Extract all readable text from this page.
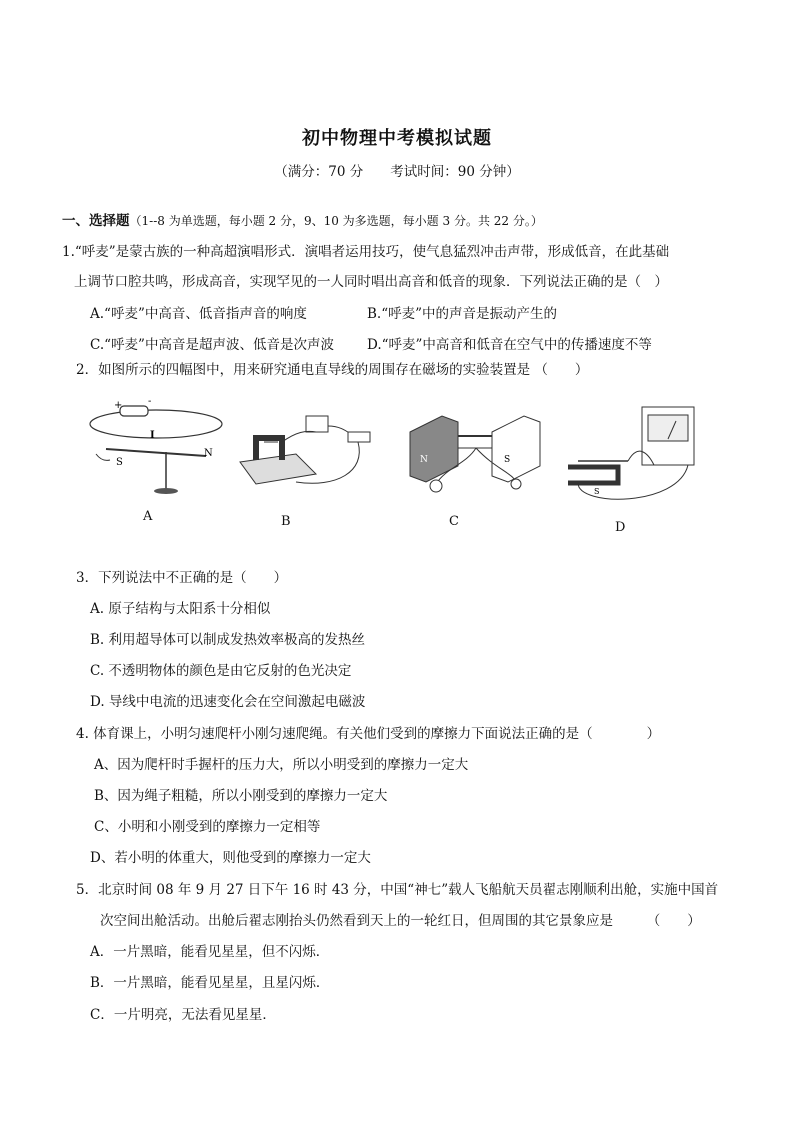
初中物理中考模拟试题
（满分：70 分　　考试时间：90 分钟）
一、选择题（1--8 为单选题，每小题 2 分，9、10 为多选题，每小题 3 分。共 22 分。）
1.“呼麦”是蒙古族的一种高超演唱形式．演唱者运用技巧，使气息猛烈冲击声带，形成低音，在此基础
上调节口腔共鸣，形成高音，实现罕见的一人同时唱出高音和低音的现象．下列说法正确的是（　）
A.“呼麦”中高音、低音指声音的响度	B.“呼麦”中的声音是振动产生的
C.“呼麦”中高音是超声波、低音是次声波 D.“呼麦”中高音和低音在空气中的传播速度不等
2．如图所示的四幅图中，用来研究通电直导线的周围存在磁场的实验装置是 （　　）
+	-
I
S
N
A	B
N	S
C
S
D
3．下列说法中不正确的是（　　）
A. 原子结构与太阳系十分相似
B. 利用超导体可以制成发热效率极高的发热丝
C. 不透明物体的颜色是由它反射的色光决定
D. 导线中电流的迅速变化会在空间激起电磁波
4. 体育课上，小明匀速爬杆小刚匀速爬绳。有关他们受到的摩擦力下面说法正确的是（　　　　）
A、因为爬杆时手握杆的压力大，所以小明受到的摩擦力一定大
B、因为绳子粗糙，所以小刚受到的摩擦力一定大
C、小明和小刚受到的摩擦力一定相等
D、若小明的体重大，则他受到的摩擦力一定大
5．北京时间 08 年 9 月 27 日下午 16 时 43 分，中国“神七”载人飞船航天员翟志刚顺利出舱，实施中国首
次空间出舱活动。出舱后翟志刚抬头仍然看到天上的一轮红日，但周围的其它景象应是　　　（　　）
A．一片黑暗，能看见星星，但不闪烁．
B．一片黑暗，能看见星星，且星闪烁．
C．一片明亮，无法看见星星．
